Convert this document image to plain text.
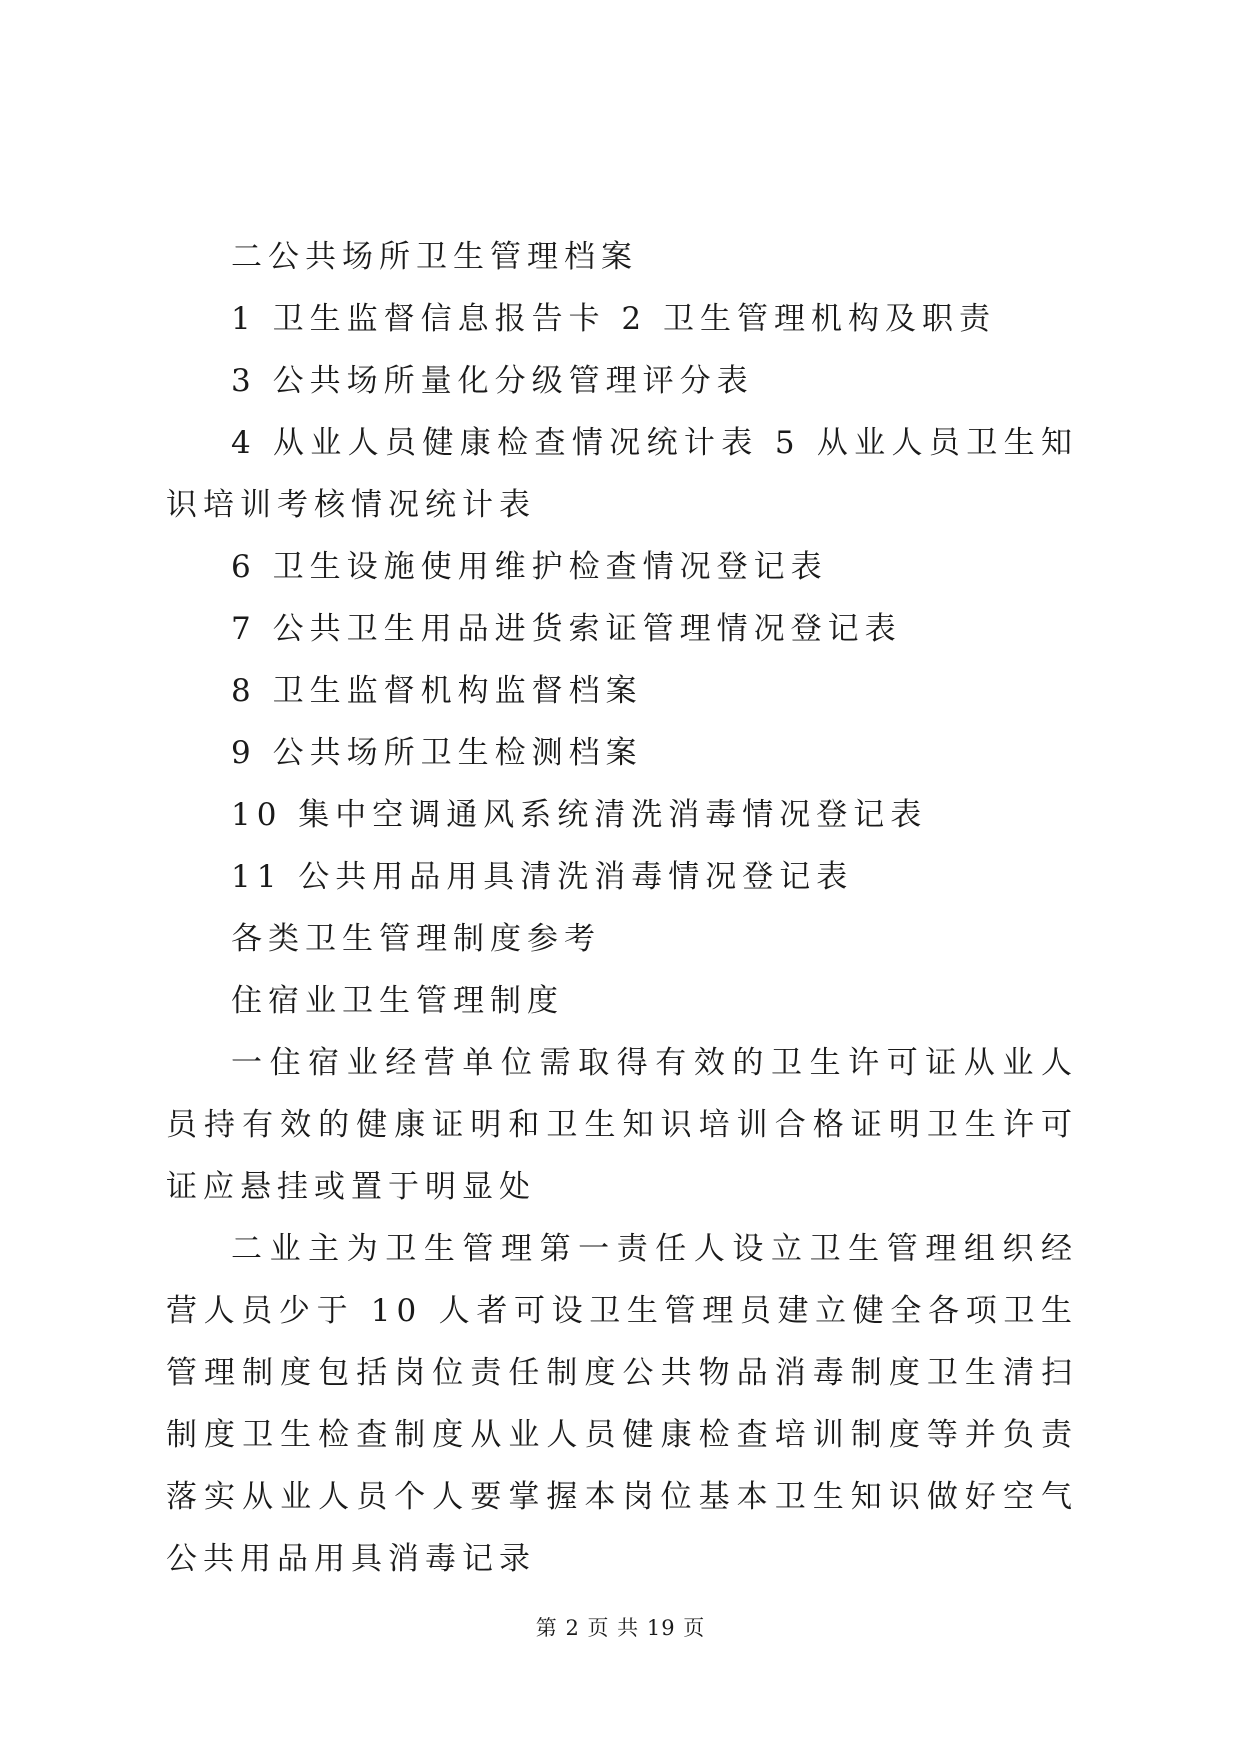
二公共场所卫生管理档案

1 卫生监督信息报告卡 2 卫生管理机构及职责

3 公共场所量化分级管理评分表

4 从业人员健康检查情况统计表 5 从业人员卫生知识培训考核情况统计表

6 卫生设施使用维护检查情况登记表

7 公共卫生用品进货索证管理情况登记表

8 卫生监督机构监督档案

9 公共场所卫生检测档案

10 集中空调通风系统清洗消毒情况登记表

11 公共用品用具清洗消毒情况登记表

各类卫生管理制度参考

住宿业卫生管理制度

一住宿业经营单位需取得有效的卫生许可证从业人员持有效的健康证明和卫生知识培训合格证明卫生许可证应悬挂或置于明显处

二业主为卫生管理第一责任人设立卫生管理组织经营人员少于 10 人者可设卫生管理员建立健全各项卫生管理制度包括岗位责任制度公共物品消毒制度卫生清扫制度卫生检查制度从业人员健康检查培训制度等并负责落实从业人员个人要掌握本岗位基本卫生知识做好空气公共用品用具消毒记录

第 2 页 共 19 页
